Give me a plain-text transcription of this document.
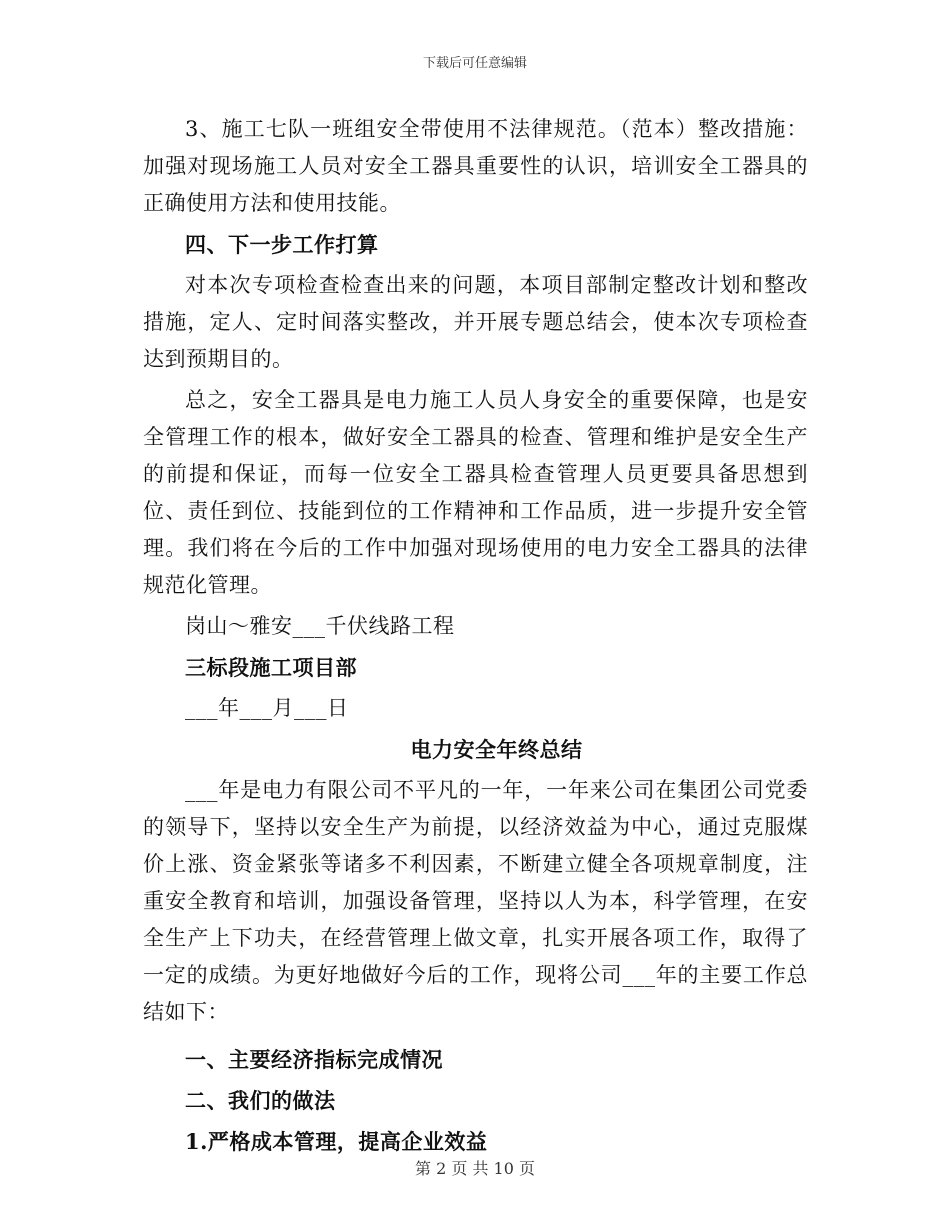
下载后可任意编辑

3、施工七队一班组安全带使用不法律规范。（范本）整改措施：加强对现场施工人员对安全工器具重要性的认识，培训安全工器具的正确使用方法和使用技能。

四、下一步工作打算

对本次专项检查检查出来的问题，本项目部制定整改计划和整改措施，定人、定时间落实整改，并开展专题总结会，使本次专项检查达到预期目的。

总之，安全工器具是电力施工人员人身安全的重要保障，也是安全管理工作的根本，做好安全工器具的检查、管理和维护是安全生产的前提和保证，而每一位安全工器具检查管理人员更要具备思想到位、责任到位、技能到位的工作精神和工作品质，进一步提升安全管理。我们将在今后的工作中加强对现场使用的电力安全工器具的法律规范化管理。

岗山～雅安___千伏线路工程

三标段施工项目部

___年___月___日

电力安全年终总结

___年是电力有限公司不平凡的一年，一年来公司在集团公司党委的领导下，坚持以安全生产为前提，以经济效益为中心，通过克服煤价上涨、资金紧张等诸多不利因素，不断建立健全各项规章制度，注重安全教育和培训，加强设备管理，坚持以人为本，科学管理，在安全生产上下功夫，在经营管理上做文章，扎实开展各项工作，取得了一定的成绩。为更好地做好今后的工作，现将公司___年的主要工作总结如下：

一、主要经济指标完成情况

二、我们的做法

1.严格成本管理，提高企业效益

第 2 页 共 10 页
